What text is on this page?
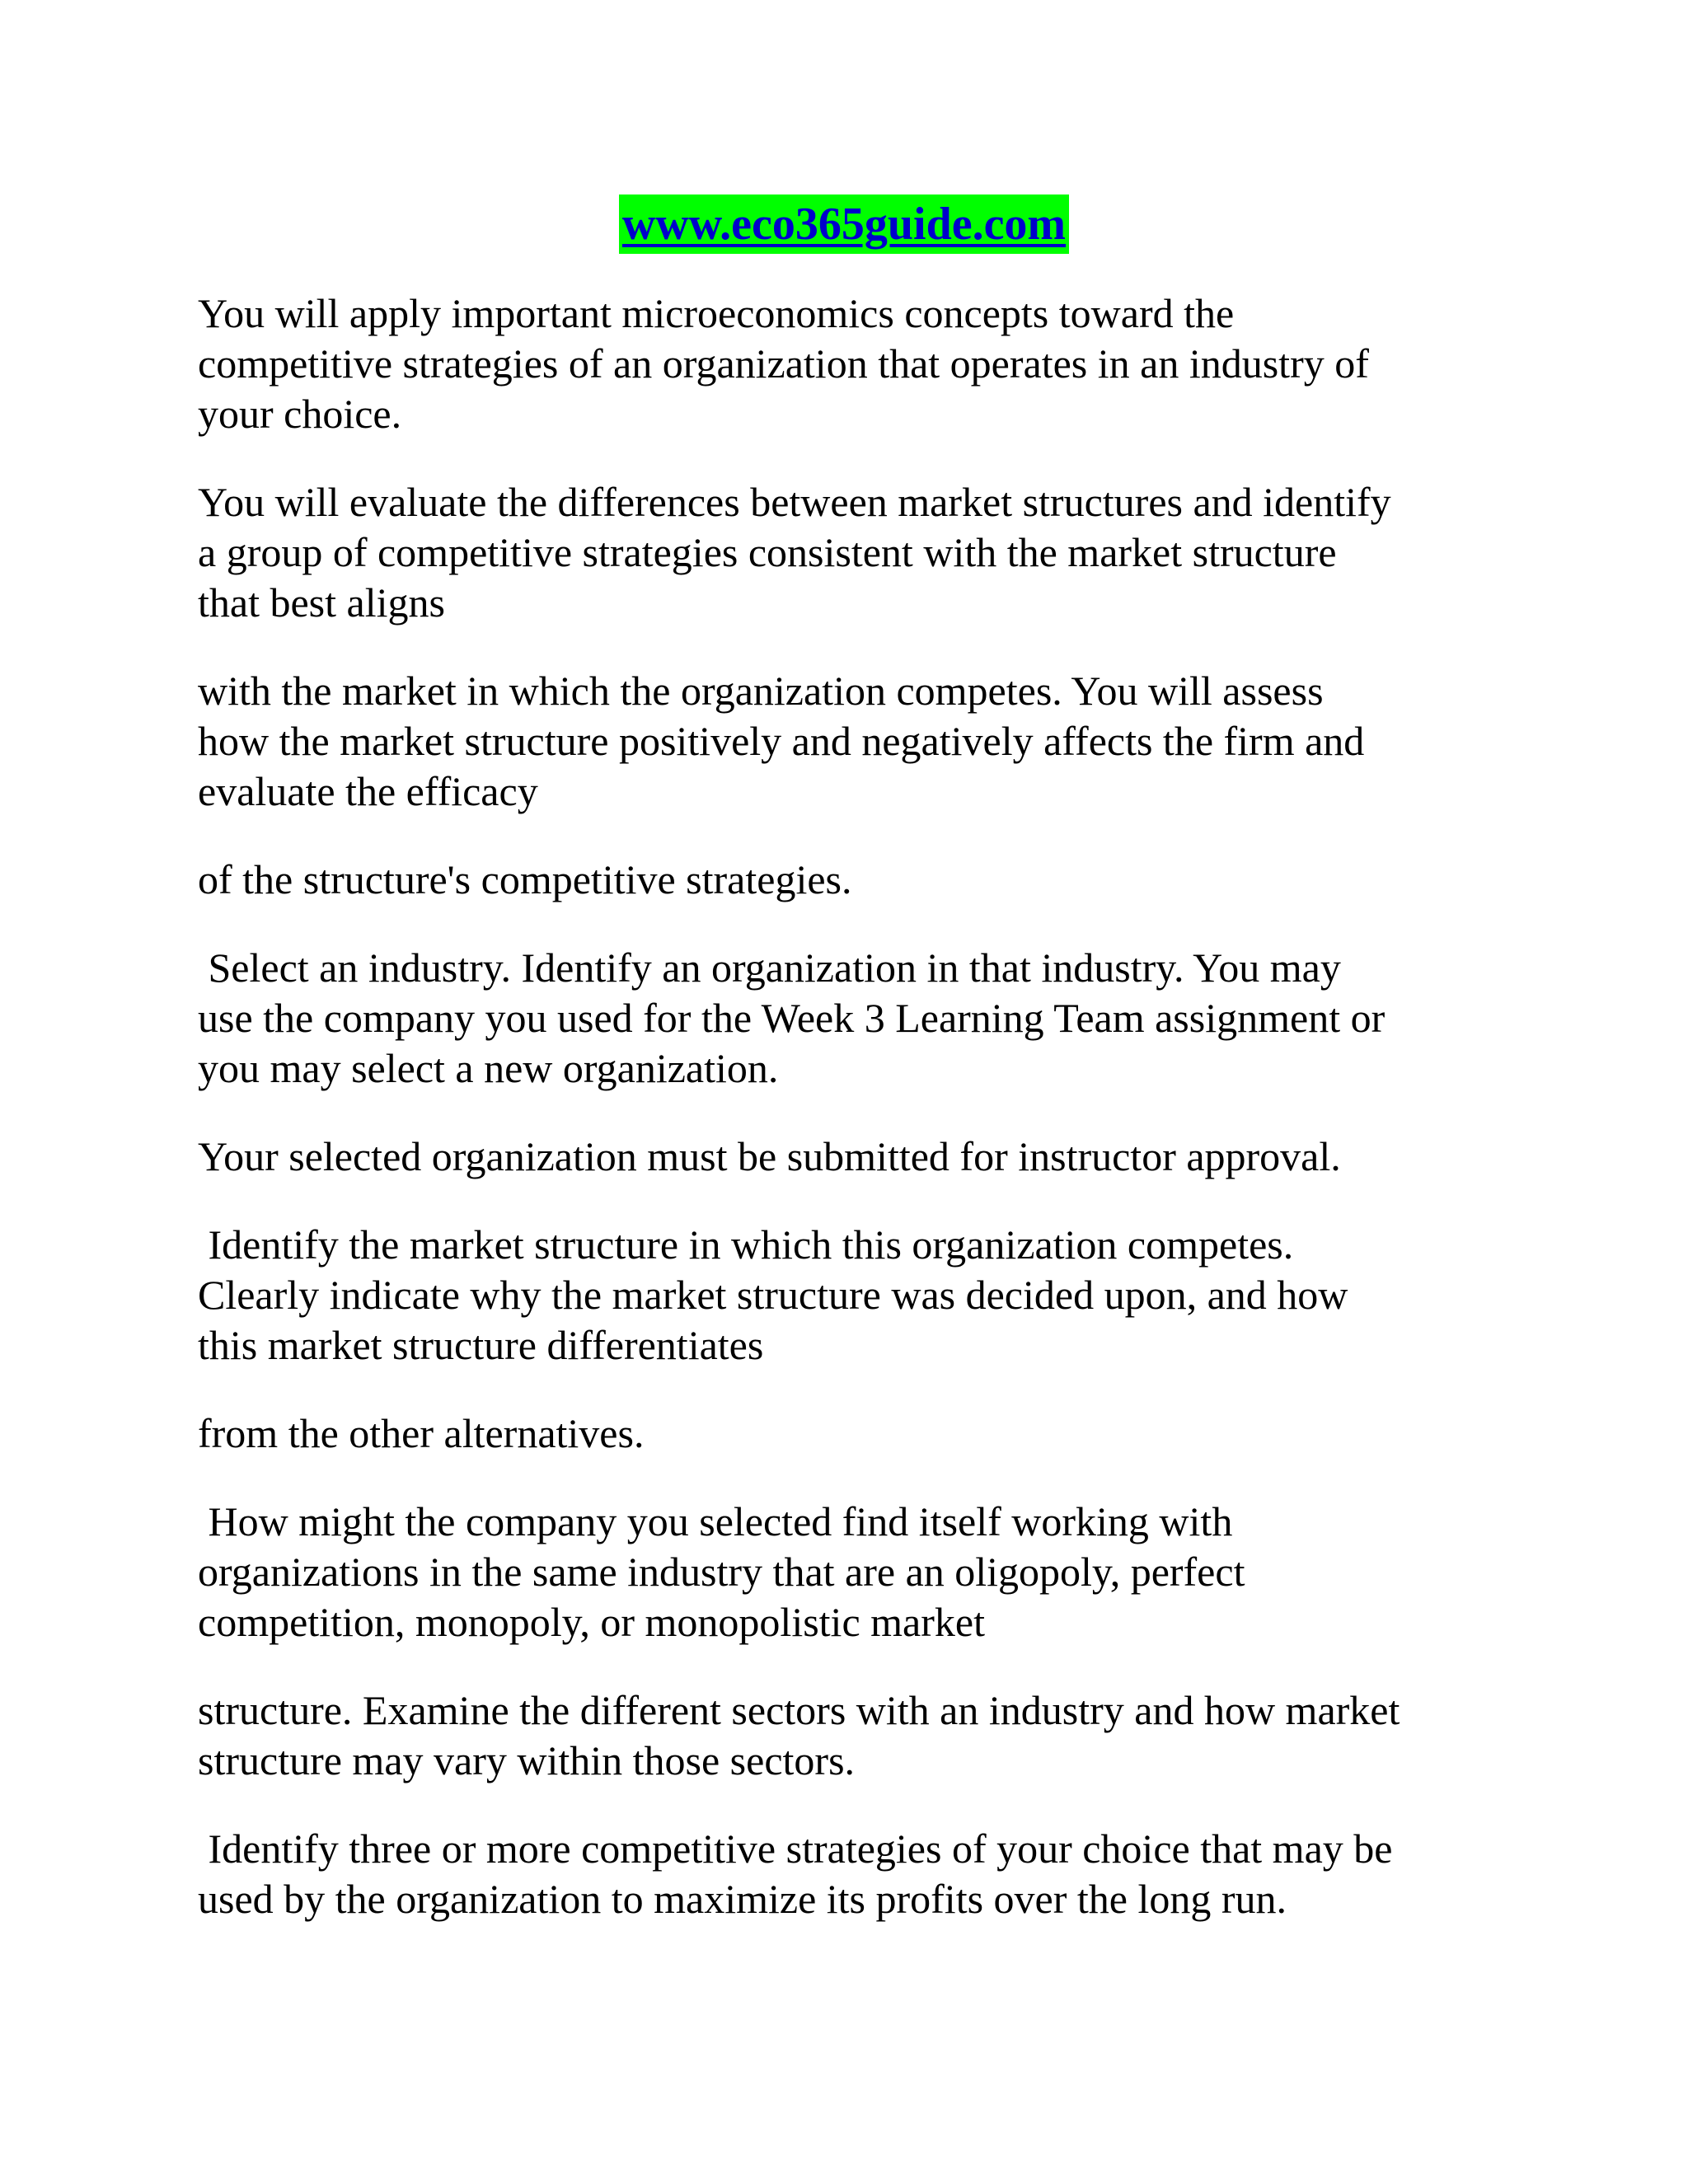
www.eco365guide.com

You will apply important microeconomics concepts toward the
competitive strategies of an organization that operates in an industry of
your choice.

You will evaluate the differences between market structures and identify
a group of competitive strategies consistent with the market structure
that best aligns

with the market in which the organization competes. You will assess
how the market structure positively and negatively affects the firm and
evaluate the efficacy

of the structure's competitive strategies.

Select an industry. Identify an organization in that industry. You may
use the company you used for the Week 3 Learning Team assignment or
you may select a new organization.

Your selected organization must be submitted for instructor approval.

Identify the market structure in which this organization competes.
Clearly indicate why the market structure was decided upon, and how
this market structure differentiates

from the other alternatives.

How might the company you selected find itself working with
organizations in the same industry that are an oligopoly, perfect
competition, monopoly, or monopolistic market

structure. Examine the different sectors with an industry and how market
structure may vary within those sectors.

Identify three or more competitive strategies of your choice that may be
used by the organization to maximize its profits over the long run.
